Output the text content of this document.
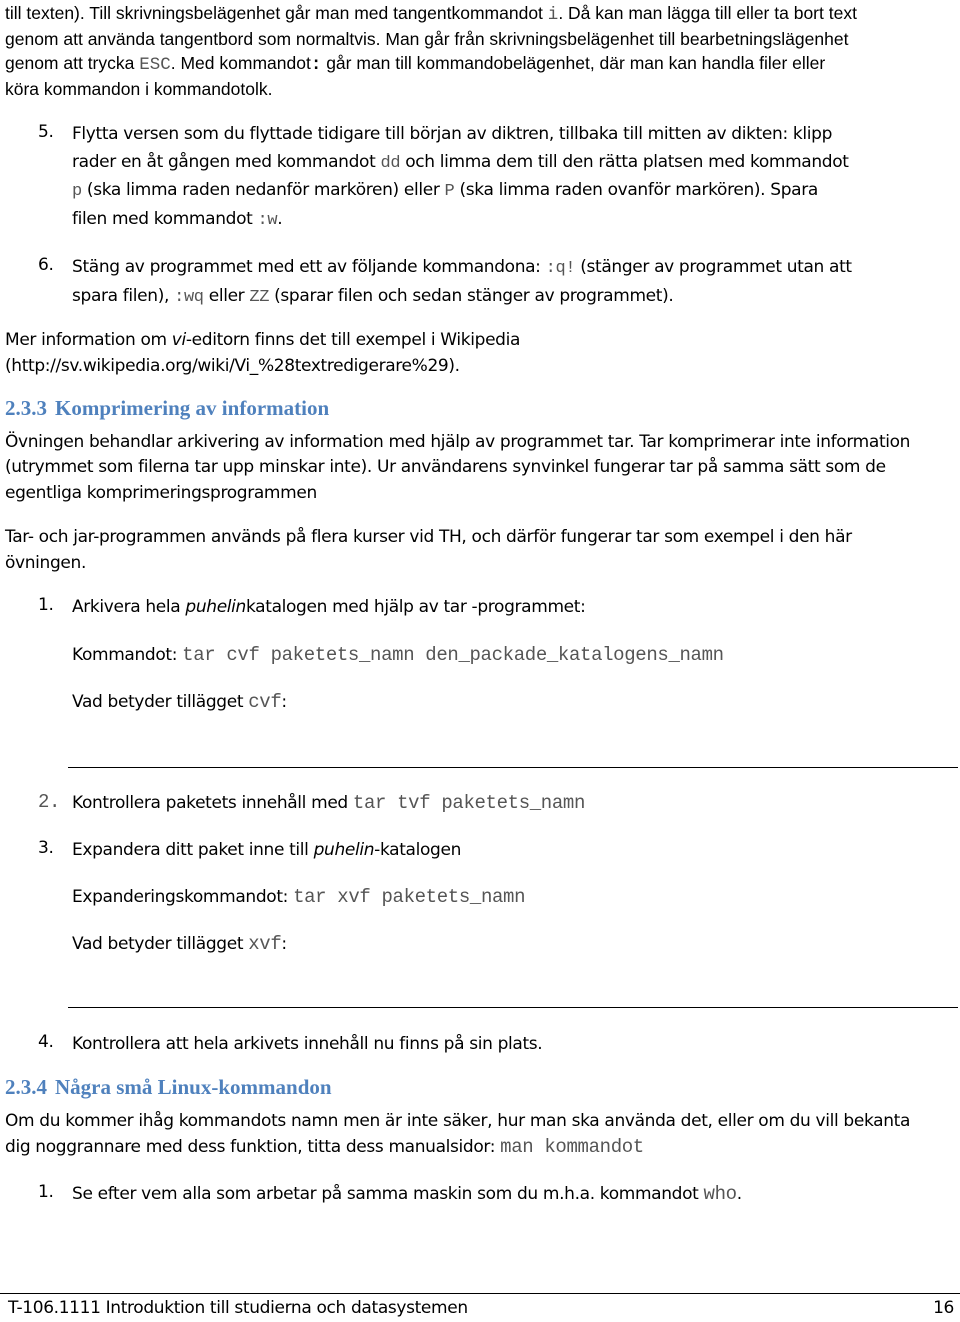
till texten). Till skrivningsbelägenhet går man med tangentkommandot i. Då kan man lägga till eller ta bort text
genom att använda tangentbord som normaltvis. Man går från skrivningsbelägenhet till bearbetningslägenhet
genom att trycka ESC. Med kommandot: går man till kommandobelägenhet, där man kan handla filer eller
köra kommandon i kommandotolk.
5. Flytta versen som du flyttade tidigare till början av diktren, tillbaka till mitten av dikten: klipp
rader en åt gången med kommandot dd och limma dem till den rätta platsen med kommandot
p (ska limma raden nedanför markören) eller P (ska limma raden ovanför markören). Spara
filen med kommandot :w.
6. Stäng av programmet med ett av följande kommandona: :q! (stänger av programmet utan att
spara filen), :wq eller ZZ (sparar filen och sedan stänger av programmet).
Mer information om vi-editorn finns det till exempel i Wikipedia
(http://sv.wikipedia.org/wiki/Vi_%28textredigerare%29).
2.3.3 Komprimering av information
Övningen behandlar arkivering av information med hjälp av programmet tar. Tar komprimerar inte information
(utrymmet som filerna tar upp minskar inte). Ur användarens synvinkel fungerar tar på samma sätt som de
egentliga komprimeringsprogrammen
Tar- och jar-programmen används på flera kurser vid TH, och därför fungerar tar som exempel i den här
övningen.
1. Arkivera hela puhelinkatalogen med hjälp av tar -programmet:
Kommandot: tar cvf paketets_namn den_packade_katalogens_namn
Vad betyder tillägget cvf:
2. Kontrollera paketets innehåll med tar tvf paketets_namn
3. Expandera ditt paket inne till puhelin-katalogen
Expanderingskommandot: tar xvf paketets_namn
Vad betyder tillägget xvf:
4. Kontrollera att hela arkivets innehåll nu finns på sin plats.
2.3.4 Några små Linux-kommandon
Om du kommer ihåg kommandots namn men är inte säker, hur man ska använda det, eller om du vill bekanta
dig noggrannare med dess funktion, titta dess manualsidor: man kommandot
1. Se efter vem alla som arbetar på samma maskin som du m.h.a. kommandot who.
T-106.1111 Introduktion till studierna och datasystemen	16
